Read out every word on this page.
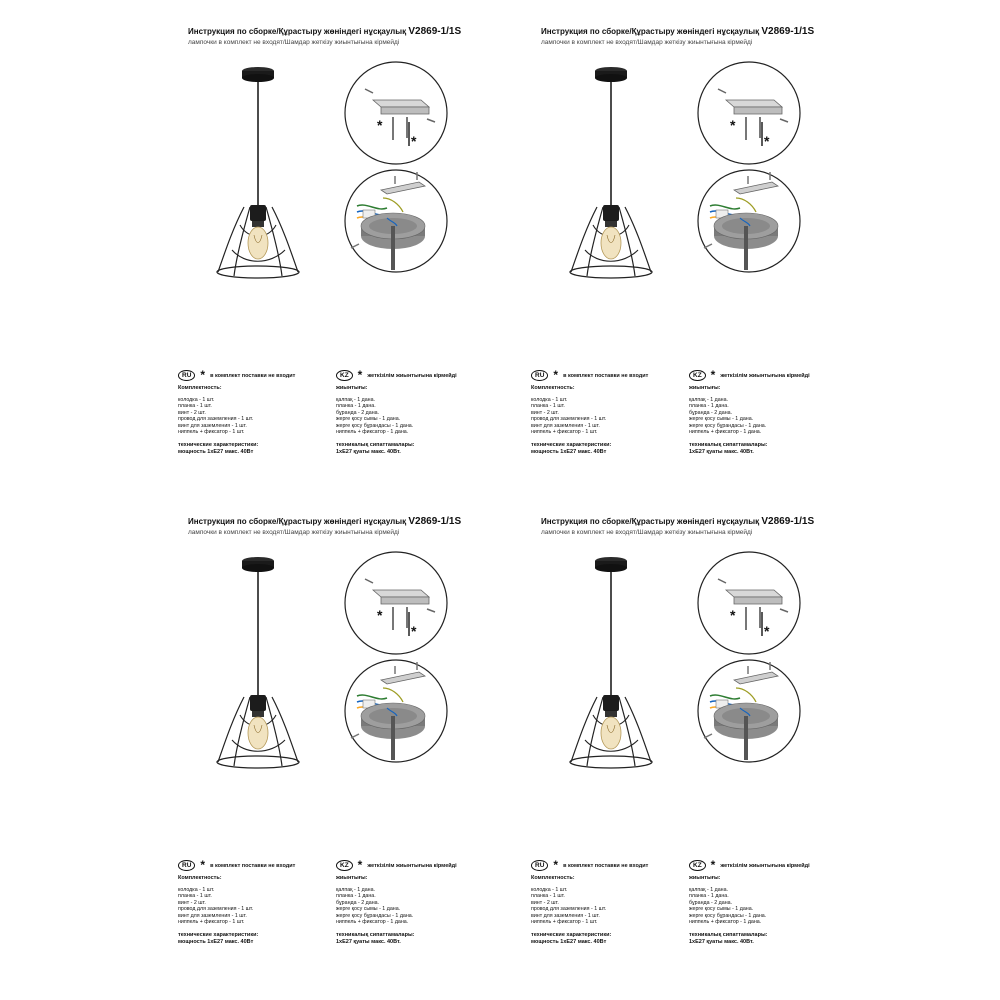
Инструкция по сборке/Құрастыру жөніндегі нұсқаулық V2869-1/1S
лампочки в комплект не входят/Шамдар жеткізу жиынтығына кірмейді
*
*
RU * в комплект поставки не входит
Комплектность:
колодка - 1 шт.
планка - 1 шт.
винт - 2 шт.
провод для заземления - 1 шт.
винт для заземления - 1 шт.
ниппель + фиксатор - 1 шт.
технические характеристики:
мощность 1хЕ27 макс. 40Вт
KZ * жеткізілім жиынтығына кірмейді
жиынтығы:
қалпақ - 1 дана.
планка - 1 дана.
бұранда - 2 дана.
жерге қосу сымы - 1 дана.
жерге қосу бұрандасы - 1 дана.
ниппель + фиксатор - 1 дана.
техникалық сипаттамалары:
1хЕ27 қуаты макс. 40Вт.
Инструкция по сборке/Құрастыру жөніндегі нұсқаулық V2869-1/1S
лампочки в комплект не входят/Шамдар жеткізу жиынтығына кірмейді
*
*
RU * в комплект поставки не входит
Комплектность:
колодка - 1 шт.
планка - 1 шт.
винт - 2 шт.
провод для заземления - 1 шт.
винт для заземления - 1 шт.
ниппель + фиксатор - 1 шт.
технические характеристики:
мощность 1хЕ27 макс. 40Вт
KZ * жеткізілім жиынтығына кірмейді
жиынтығы:
қалпақ - 1 дана.
планка - 1 дана.
бұранда - 2 дана.
жерге қосу сымы - 1 дана.
жерге қосу бұрандасы - 1 дана.
ниппель + фиксатор - 1 дана.
техникалық сипаттамалары:
1хЕ27 қуаты макс. 40Вт.
Инструкция по сборке/Құрастыру жөніндегі нұсқаулық V2869-1/1S
лампочки в комплект не входят/Шамдар жеткізу жиынтығына кірмейді
*
*
RU * в комплект поставки не входит
Комплектность:
колодка - 1 шт.
планка - 1 шт.
винт - 2 шт.
провод для заземления - 1 шт.
винт для заземления - 1 шт.
ниппель + фиксатор - 1 шт.
технические характеристики:
мощность 1хЕ27 макс. 40Вт
KZ * жеткізілім жиынтығына кірмейді
жиынтығы:
қалпақ - 1 дана.
планка - 1 дана.
бұранда - 2 дана.
жерге қосу сымы - 1 дана.
жерге қосу бұрандасы - 1 дана.
ниппель + фиксатор - 1 дана.
техникалық сипаттамалары:
1хЕ27 қуаты макс. 40Вт.
Инструкция по сборке/Құрастыру жөніндегі нұсқаулық V2869-1/1S
лампочки в комплект не входят/Шамдар жеткізу жиынтығына кірмейді
*
*
RU * в комплект поставки не входит
Комплектность:
колодка - 1 шт.
планка - 1 шт.
винт - 2 шт.
провод для заземления - 1 шт.
винт для заземления - 1 шт.
ниппель + фиксатор - 1 шт.
технические характеристики:
мощность 1хЕ27 макс. 40Вт
KZ * жеткізілім жиынтығына кірмейді
жиынтығы:
қалпақ - 1 дана.
планка - 1 дана.
бұранда - 2 дана.
жерге қосу сымы - 1 дана.
жерге қосу бұрандасы - 1 дана.
ниппель + фиксатор - 1 дана.
техникалық сипаттамалары:
1хЕ27 қуаты макс. 40Вт.
